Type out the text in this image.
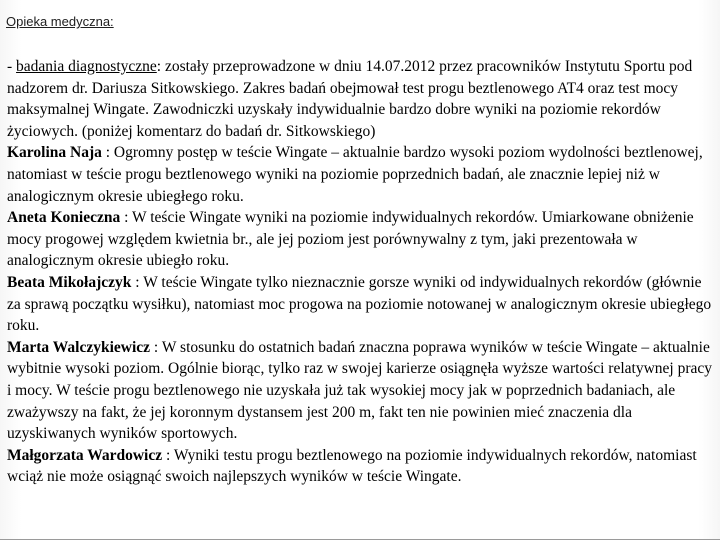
Opieka medyczna:

- badania diagnostyczne: zostały przeprowadzone w dniu 14.07.2012 przez pracowników Instytutu Sportu pod nadzorem dr. Dariusza Sitkowskiego. Zakres badań obejmował test progu beztlenowego AT4 oraz test mocy maksymalnej Wingate. Zawodniczki uzyskały indywidualnie bardzo dobre wyniki na poziomie rekordów życiowych. (poniżej komentarz do badań dr. Sitkowskiego)

Karolina Naja : Ogromny postęp w teście Wingate – aktualnie bardzo wysoki poziom wydolności beztlenowej, natomiast w teście progu beztlenowego wyniki na poziomie poprzednich badań, ale znacznie lepiej niż w analogicznym okresie ubiegłego roku.

Aneta Konieczna : W teście Wingate wyniki na poziomie indywidualnych rekordów. Umiarkowane obniżenie mocy progowej względem kwietnia br., ale jej poziom jest porównywalny z tym, jaki prezentowała w analogicznym okresie ubiegło roku.

Beata Mikołajczyk : W teście Wingate tylko nieznacznie gorsze wyniki od indywidualnych rekordów (głównie za sprawą początku wysiłku), natomiast moc progowa na poziomie notowanej w analogicznym okresie ubiegłego roku.

Marta Walczykiewicz : W stosunku do ostatnich badań znaczna poprawa wyników w teście Wingate – aktualnie wybitnie wysoki poziom. Ogólnie biorąc, tylko raz w swojej karierze osiągnęła wyższe wartości relatywnej pracy i mocy. W teście progu beztlenowego nie uzyskała już tak wysokiej mocy jak w poprzednich badaniach, ale zważywszy na fakt, że jej koronnym dystansem jest 200 m, fakt ten nie powinien mieć znaczenia dla uzyskiwanych wyników sportowych.

Małgorzata Wardowicz : Wyniki testu progu beztlenowego na poziomie indywidualnych rekordów, natomiast wciąż nie może osiągnąć swoich najlepszych wyników w teście Wingate.
